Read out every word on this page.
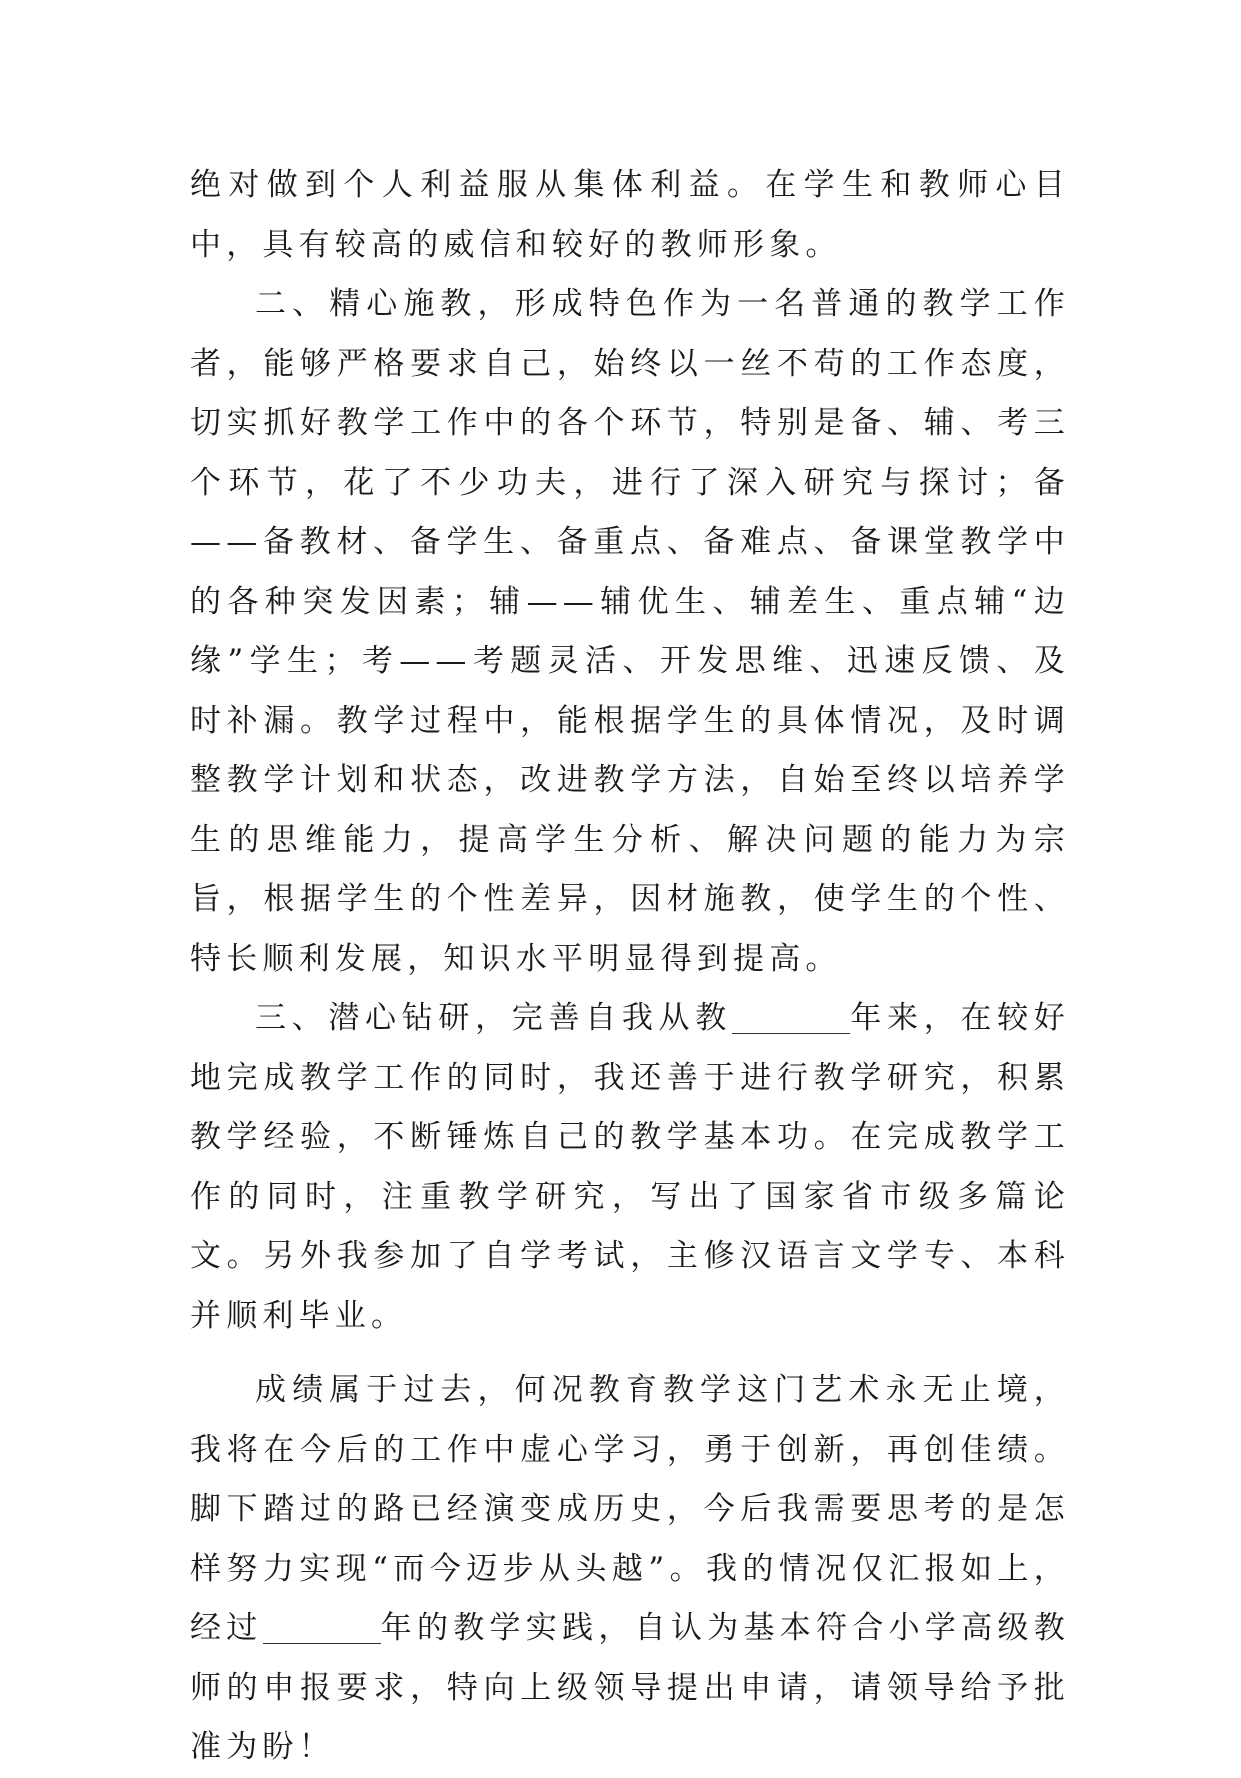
绝对做到个人利益服从集体利益。在学生和教师心目中，具有较高的威信和较好的教师形象。

二、精心施教，形成特色作为一名普通的教学工作者，能够严格要求自己，始终以一丝不苟的工作态度，切实抓好教学工作中的各个环节，特别是备、辅、考三个环节，花了不少功夫，进行了深入研究与探讨；备——备教材、备学生、备重点、备难点、备课堂教学中的各种突发因素；辅——辅优生、辅差生、重点辅“边缘”学生；考——考题灵活、开发思维、迅速反馈、及时补漏。教学过程中，能根据学生的具体情况，及时调整教学计划和状态，改进教学方法，自始至终以培养学生的思维能力，提高学生分析、解决问题的能力为宗旨，根据学生的个性差异，因材施教，使学生的个性、特长顺利发展，知识水平明显得到提高。

三、潜心钻研，完善自我从教	年来，在较好地完成教学工作的同时，我还善于进行教学研究，积累教学经验，不断锤炼自己的教学基本功。在完成教学工作的同时，注重教学研究，写出了国家省市级多篇论文。另外我参加了自学考试，主修汉语言文学专、本科并顺利毕业。

成绩属于过去，何况教育教学这门艺术永无止境，我将在今后的工作中虚心学习，勇于创新，再创佳绩。脚下踏过的路已经演变成历史，今后我需要思考的是怎样努力实现“而今迈步从头越”。我的情况仅汇报如上，经过	年的教学实践，自认为基本符合小学高级教师的申报要求，特向上级领导提出申请，请领导给予批准为盼！
